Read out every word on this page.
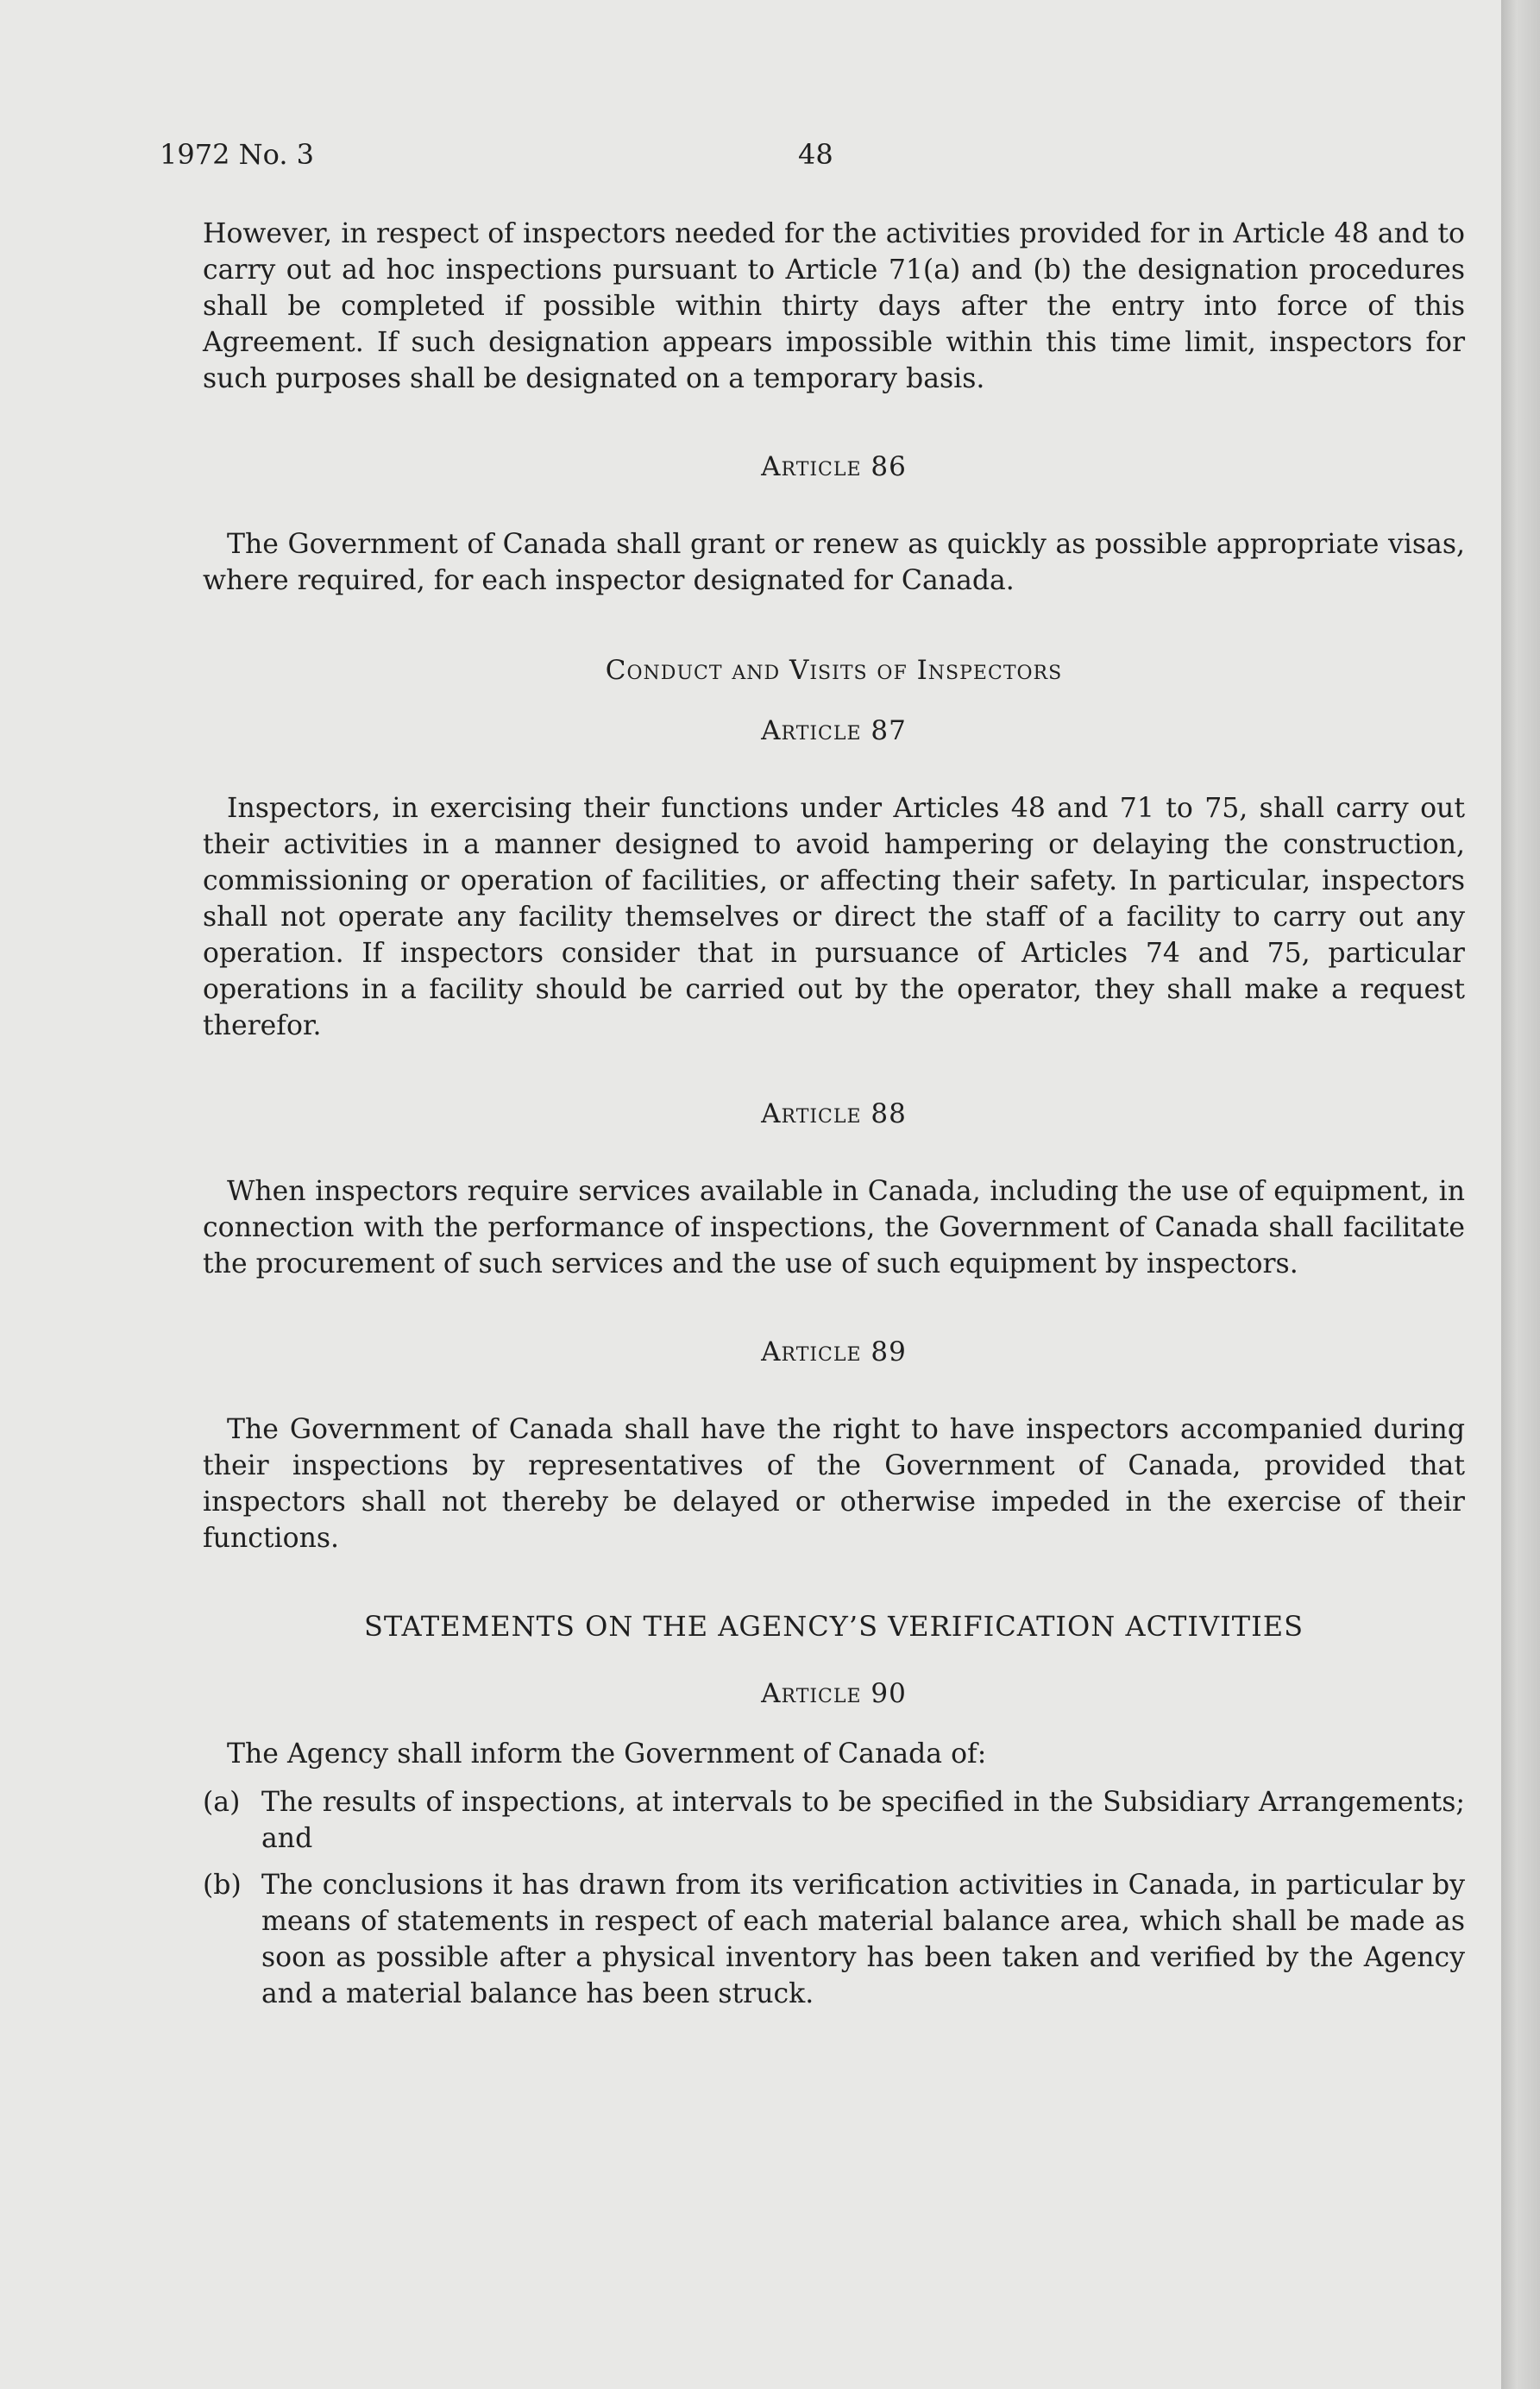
1972 No. 3	48

However, in respect of inspectors needed for the activities provided for in Article 48 and to carry out ad hoc inspections pursuant to Article 71(a) and (b) the designation procedures shall be completed if possible within thirty days after the entry into force of this Agreement. If such designation appears impossible within this time limit, inspectors for such purposes shall be designated on a temporary basis.

Article 86

The Government of Canada shall grant or renew as quickly as possible appropriate visas, where required, for each inspector designated for Canada.

Conduct and Visits of Inspectors
Article 87

Inspectors, in exercising their functions under Articles 48 and 71 to 75, shall carry out their activities in a manner designed to avoid hampering or delaying the construction, commissioning or operation of facilities, or affecting their safety. In particular, inspectors shall not operate any facility themselves or direct the staff of a facility to carry out any operation. If inspectors consider that in pursuance of Articles 74 and 75, particular operations in a facility should be carried out by the operator, they shall make a request therefor.

Article 88

When inspectors require services available in Canada, including the use of equipment, in connection with the performance of inspections, the Government of Canada shall facilitate the procurement of such services and the use of such equipment by inspectors.

Article 89

The Government of Canada shall have the right to have inspectors accompanied during their inspections by representatives of the Government of Canada, provided that inspectors shall not thereby be delayed or otherwise impeded in the exercise of their functions.

STATEMENTS ON THE AGENCY’S VERIFICATION ACTIVITIES
Article 90

The Agency shall inform the Government of Canada of:

(a) The results of inspections, at intervals to be specified in the Subsidiary Arrangements; and
(b) The conclusions it has drawn from its verification activities in Canada, in particular by means of statements in respect of each material balance area, which shall be made as soon as possible after a physical inventory has been taken and verified by the Agency and a material balance has been struck.
